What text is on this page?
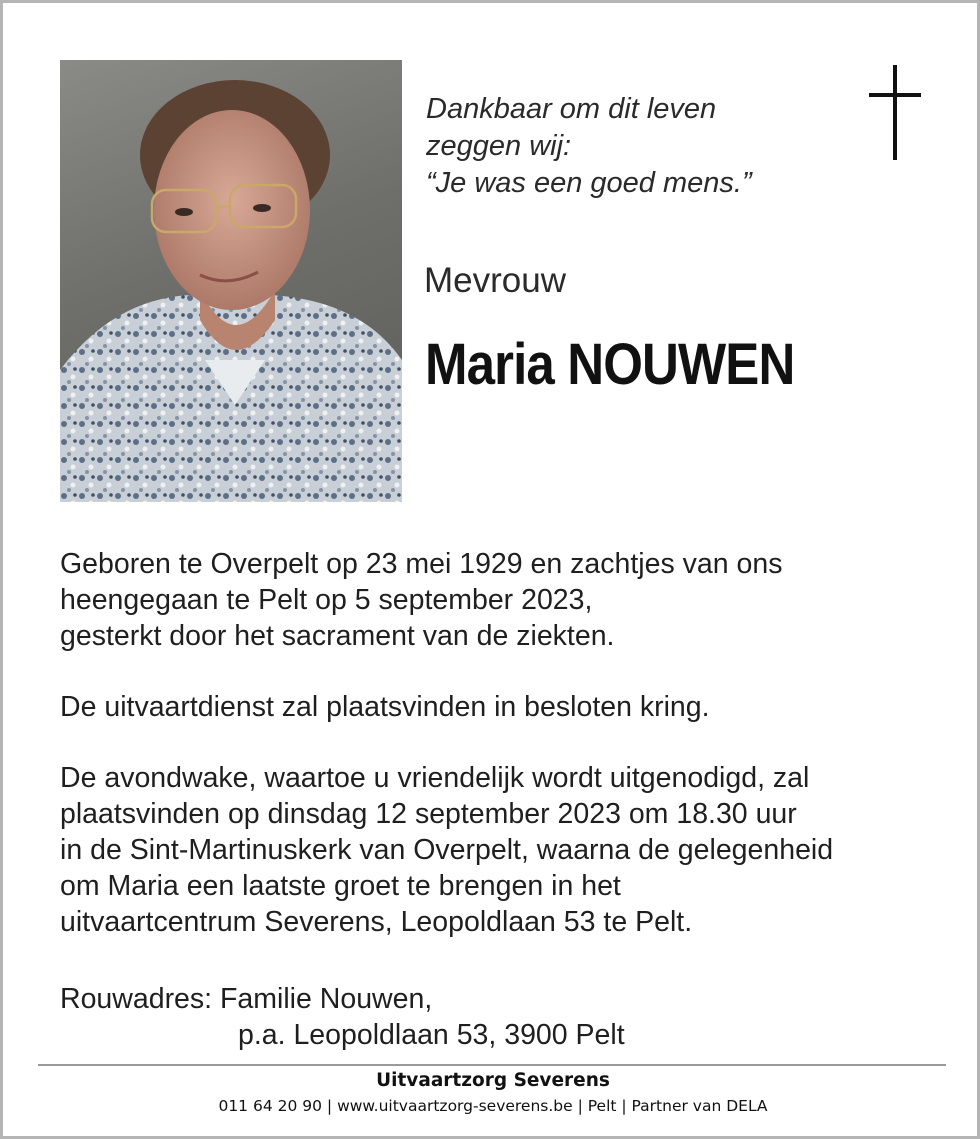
Dankbaar om dit leven
zeggen wij:
“Je was een goed mens.”
Mevrouw
Maria NOUWEN
Geboren te Overpelt op 23 mei 1929 en zachtjes van ons
heengegaan te Pelt op 5 september 2023,
gesterkt door het sacrament van de ziekten.
De uitvaartdienst zal plaatsvinden in besloten kring.
De avondwake, waartoe u vriendelijk wordt uitgenodigd, zal
plaatsvinden op dinsdag 12 september 2023 om 18.30 uur
in de Sint-Martinuskerk van Overpelt, waarna de gelegenheid
om Maria een laatste groet te brengen in het
uitvaartcentrum Severens, Leopoldlaan 53 te Pelt.
Rouwadres: Familie Nouwen,
p.a. Leopoldlaan 53, 3900 Pelt
Uitvaartzorg Severens
011 64 20 90 | www.uitvaartzorg-severens.be | Pelt | Partner van DELA
